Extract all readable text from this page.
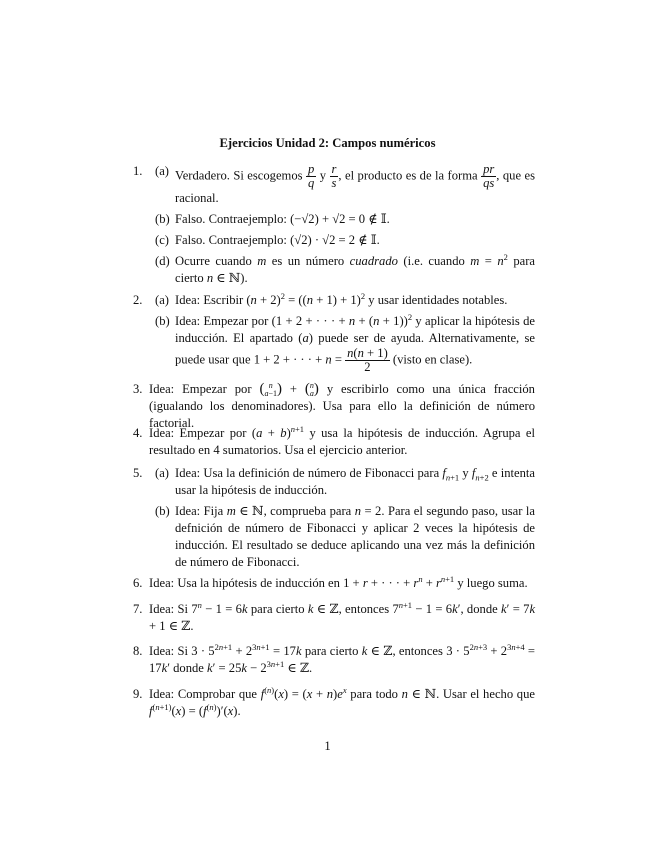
Ejercicios Unidad 2: Campos numéricos
1. (a) Verdadero. Si escogemos $\frac{p}{q}$ y $\frac{r}{s}$ , el producto es de la forma $\frac{pr}{qs}$ , que es racional.
(b) Falso. Contraejemplo: (−√2) + √2 = 0 ∉ 𝕀.
(c) Falso. Contraejemplo: (√2) · √2 = 2 ∉ 𝕀.
(d) Ocurre cuando m es un número cuadrado (i.e. cuando $m = n^2$ para cierto n ∈ ℕ).
2. (a) Idea: Escribir $(n + 2)^2 = ((n + 1) + 1)^2$ y usar identidades notables.
(b) Idea: Empezar por (1 + 2 + · · · + n + (n + 1))$^2$ y aplicar la hipótesis de inducción. El apartado (a) puede ser de ayuda. Alternativamente, se puede usar que 1 + 2 + · · · + $n = \frac{n(n + 1)}{2}$ (visto en clase).
3. Idea: Empezar por ( n
a−1) + (n
a) y escribirlo como una única fracción (igualando los denominadores). Usa para ello la definición de número factorial.
4. Idea: Empezar por $(a + b)^{n+1}$ y usa la hipótesis de inducción. Agrupa el resultado en 4 sumatorios. Usa el ejercicio anterior.
5. (a) Idea: Usa la definición de número de Fibonacci para $f_{n+1}$ y $f_{n+2}$ e intenta usar la hipótesis de inducción.
(b) Idea: Fija m ∈ ℕ, comprueba para n = 2. Para el segundo paso, usar la defnición de número de Fibonacci y aplicar 2 veces la hipótesis de inducción. El resultado se deduce aplicando una vez más la definición de número de Fibonacci.
6. Idea: Usa la hipótesis de inducción en 1 + r + · · · + $r^n + r^{n+1}$ y luego suma.
7. Idea: Si $7^n - 1 = 6k$ para cierto k ∈ ℤ, entonces $7^{n+1} - 1 = 6k'$, donde k′ = 7k + 1 ∈ ℤ.
8. Idea: Si $3 \cdot 5^{2n+1} + 2^{3n+1} = 17k$ para cierto k ∈ ℤ, entonces $3 \cdot 5^{2n+3} + 2^{3n+4} = 17k'$ donde $k' = 25k - 2^{3n+1}$ ∈ ℤ.
9. Idea: Comprobar que $f^{(n)}(x) = (x + n)e^x$ para todo n ∈ ℕ. Usar el hecho que $f^{(n+1)}(x) = (f^{(n)})'(x)$.
1
